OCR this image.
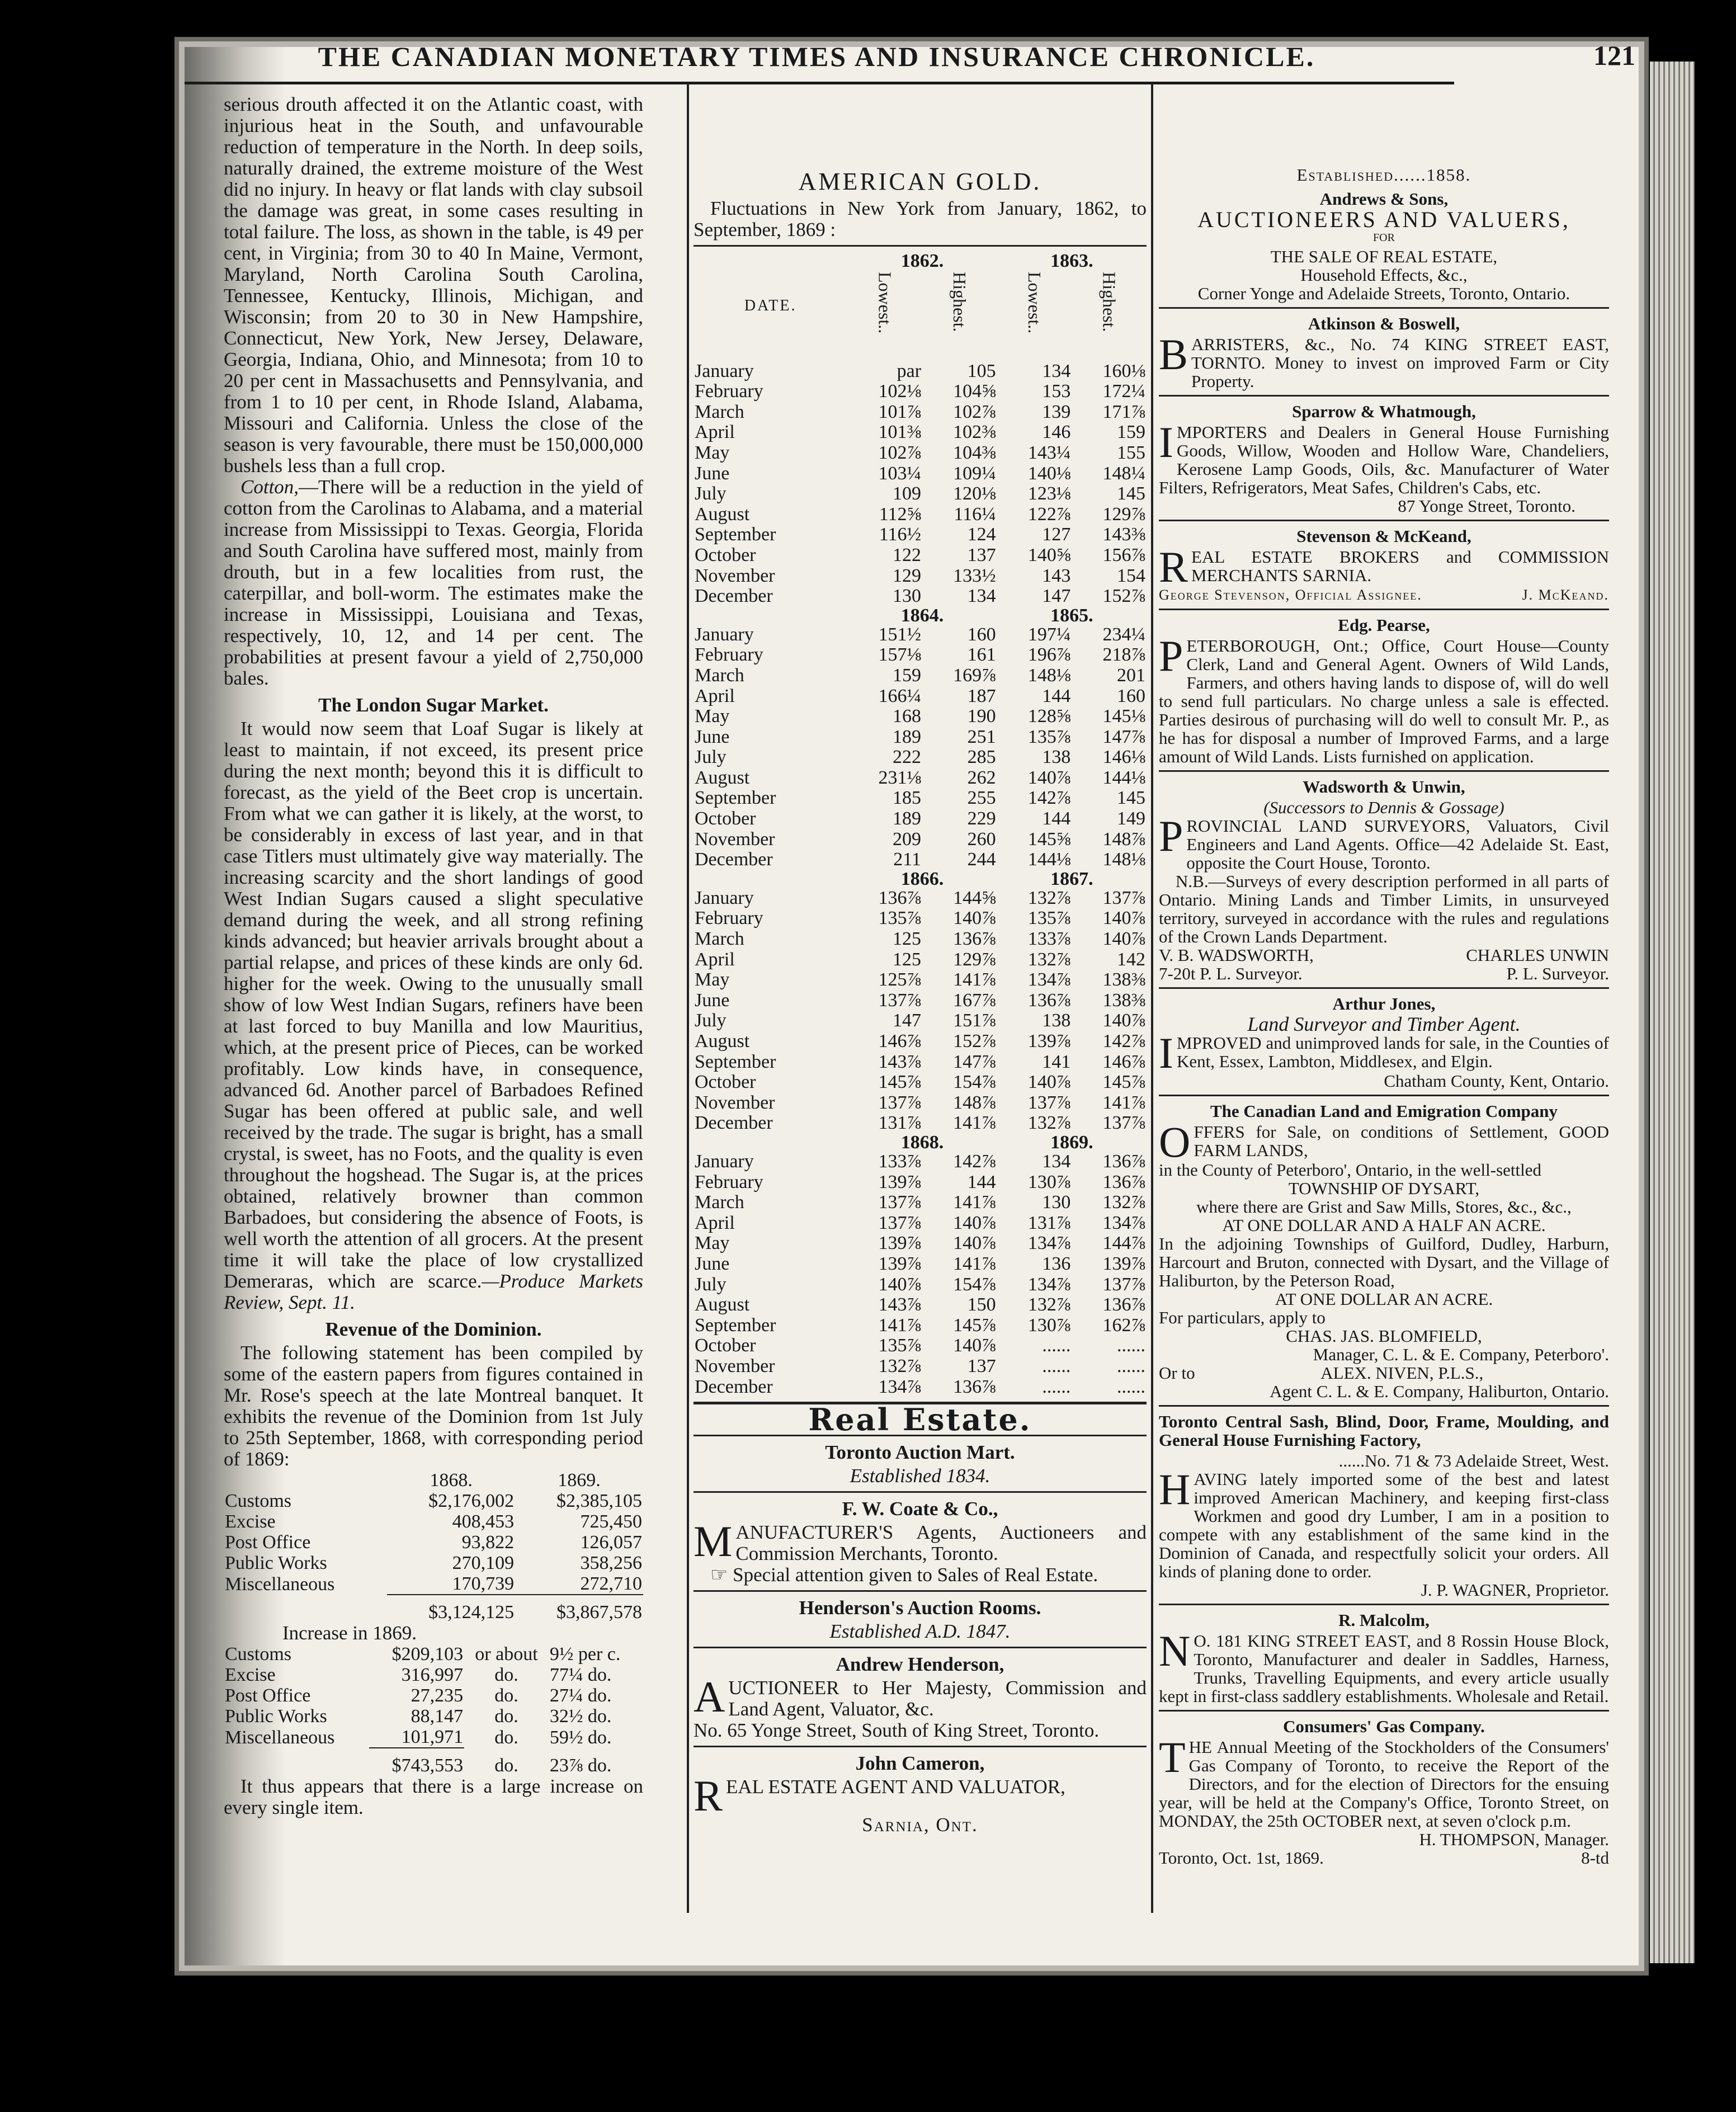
THE CANADIAN MONETARY TIMES AND INSURANCE CHRONICLE.	121

serious drouth affected it on the Atlantic coast, with injurious heat in the South, and unfavourable reduction of temperature in the North. In deep soils, naturally drained, the extreme moisture of the West did no injury. In heavy or flat lands with clay subsoil the damage was great, in some cases resulting in total failure. The loss, as shown in the table, is 49 per cent, in Virginia; from 30 to 40 In Maine, Vermont, Maryland, North Carolina South Carolina, Tennessee, Kentucky, Illinois, Michigan, and Wisconsin; from 20 to 30 in New Hampshire, Connecticut, New York, New Jersey, Delaware, Georgia, Indiana, Ohio, and Minnesota; from 10 to 20 per cent in Massachusetts and Pennsylvania, and from 1 to 10 per cent, in Rhode Island, Alabama, Missouri and California. Unless the close of the season is very favourable, there must be 150,000,000 bushels less than a full crop.

Cotton,—There will be a reduction in the yield of cotton from the Carolinas to Alabama, and a material increase from Mississippi to Texas. Georgia, Florida and South Carolina have suffered most, mainly from drouth, but in a few localities from rust, the caterpillar, and boll-worm. The estimates make the increase in Mississippi, Louisiana and Texas, respectively, 10, 12, and 14 per cent. The probabilities at present favour a yield of 2,750,000 bales.

The London Sugar Market.

It would now seem that Loaf Sugar is likely at least to maintain, if not exceed, its present price during the next month; beyond this it is difficult to forecast, as the yield of the Beet crop is uncertain. From what we can gather it is likely, at the worst, to be considerably in excess of last year, and in that case Titlers must ultimately give way materially. The increasing scarcity and the short landings of good West Indian Sugars caused a slight speculative demand during the week, and all strong refining kinds advanced; but heavier arrivals brought about a partial relapse, and prices of these kinds are only 6d. higher for the week. Owing to the unusually small show of low West Indian Sugars, refiners have been at last forced to buy Manilla and low Mauritius, which, at the present price of Pieces, can be worked profitably. Low kinds have, in consequence, advanced 6d. Another parcel of Barbadoes Refined Sugar has been offered at public sale, and well received by the trade. The sugar is bright, has a small crystal, is sweet, has no Foots, and the quality is even throughout the hogshead. The Sugar is, at the prices obtained, relatively browner than common Barbadoes, but considering the absence of Foots, is well worth the attention of all grocers. At the present time it will take the place of low crystallized Demeraras, which are scarce.—Produce Markets Review, Sept. 11.

Revenue of the Dominion.

The following statement has been compiled by some of the eastern papers from figures contained in Mr. Rose's speech at the late Montreal banquet. It exhibits the revenue of the Dominion from 1st July to 25th September, 1868, with corresponding period of 1869:

	1868.	1869.
Customs	$2,176,002	$2,385,105
Excise	408,453	725,450
Post Office	93,822	126,057
Public Works	270,109	358,256
Miscellaneous	170,739	272,710
	$3,124,125	$3,867,578
Increase in 1869.
Customs	$209,103	or about	9½ per c.
Excise	316,997	do.	77¼ do.
Post Office	27,235	do.	27¼ do.
Public Works	88,147	do.	32½ do.
Miscellaneous	101,971	do.	59½ do.
	$743,553	do.	23⅞ do.

It thus appears that there is a large increase on every single item.

AMERICAN GOLD.

Fluctuations in New York from January, 1862, to September, 1869 :

DATE.	1862.		1863.	

	Lowest..	Highest.	Lowest..	Highest.

January	par	105	134	160⅛
February	102⅛	104⅝	153	172¼
March	101⅞	102⅞	139	171⅞
April	101⅜	102⅜	146	159
May	102⅞	104⅜	143¼	155
June	103¼	109¼	140⅛	148¼
July	109	120⅛	123⅛	145
August	112⅝	116¼	122⅞	129⅞
September	116½	124	127	143⅜
October	122	137	140⅝	156⅞
November	129	133½	143	154
December	130	134	147	152⅞
	1864.		1865.	
January	151½	160	197¼	234¼
February	157⅛	161	196⅞	218⅞
March	159	169⅞	148⅛	201
April	166¼	187	144	160
May	168	190	128⅝	145⅛
June	189	251	135⅞	147⅞
July	222	285	138	146⅛
August	231⅛	262	140⅞	144⅛
September	185	255	142⅞	145
October	189	229	144	149
November	209	260	145⅝	148⅞
December	211	244	144⅛	148⅛
	1866.		1867.	
January	136⅞	144⅝	132⅞	137⅞
February	135⅞	140⅞	135⅞	140⅞
March	125	136⅞	133⅞	140⅞
April	125	129⅞	132⅞	142
May	125⅞	141⅞	134⅞	138⅜
June	137⅞	167⅞	136⅞	138⅜
July	147	151⅞	138	140⅞
August	146⅞	152⅞	139⅞	142⅞
September	143⅞	147⅞	141	146⅞
October	145⅞	154⅞	140⅞	145⅞
November	137⅞	148⅞	137⅞	141⅞
December	131⅞	141⅞	132⅞	137⅞
	1868.		1869.	
January	133⅞	142⅞	134	136⅞
February	139⅞	144	130⅞	136⅞
March	137⅞	141⅞	130	132⅞
April	137⅞	140⅞	131⅞	134⅞
May	139⅞	140⅞	134⅞	144⅞
June	139⅞	141⅞	136	139⅞
July	140⅞	154⅞	134⅞	137⅞
August	143⅞	150	132⅞	136⅞
September	141⅞	145⅞	130⅞	162⅞
October	135⅞	140⅞	......	......
November	132⅞	137	......	......
December	134⅞	136⅞	......	......
Real Estate.
Toronto Auction Mart.
Established 1834.
F. W. Coate & Co.,

MANUFACTURER'S Agents, Auctioneers and Commission Merchants, Toronto.

☞ Special attention given to Sales of Real Estate.

Henderson's Auction Rooms.
Established A.D. 1847.
Andrew Henderson,

AUCTIONEER to Her Majesty, Commission and Land Agent, Valuator, &c.

No. 65 Yonge Street, South of King Street, Toronto.

John Cameron,

REAL ESTATE AGENT AND VALUATOR,

Sarnia, Ont.

Established......1858.
Andrews & Sons,
AUCTIONEERS AND VALUERS,
FOR
THE SALE OF REAL ESTATE,
Household Effects, &c.,
Corner Yonge and Adelaide Streets, Toronto, Ontario.
Atkinson & Boswell,

BARRISTERS, &c., No. 74 KING STREET EAST, TORNTO. Money to invest on improved Farm or City Property.

Sparrow & Whatmough,

IMPORTERS and Dealers in General House Furnishing Goods, Willow, Wooden and Hollow Ware, Chandeliers, Kerosene Lamp Goods, Oils, &c. Manufacturer of Water Filters, Refrigerators, Meat Safes, Children's Cabs, etc.

87 Yonge Street, Toronto.

Stevenson & McKeand,

REAL ESTATE BROKERS and COMMISSION MERCHANTS SARNIA.

George Stevenson, Official Assignee.	J. McKeand.

Edg. Pearse,

PETERBOROUGH, Ont.; Office, Court House—County Clerk, Land and General Agent. Owners of Wild Lands, Farmers, and others having lands to dispose of, will do well to send full particulars. No charge unless a sale is effected. Parties desirous of purchasing will do well to consult Mr. P., as he has for disposal a number of Improved Farms, and a large amount of Wild Lands. Lists furnished on application.

Wadsworth & Unwin,
(Successors to Dennis & Gossage)

PROVINCIAL LAND SURVEYORS, Valuators, Civil Engineers and Land Agents. Office—42 Adelaide St. East, opposite the Court House, Toronto.

N.B.—Surveys of every description performed in all parts of Ontario. Mining Lands and Timber Limits, in unsurveyed territory, surveyed in accordance with the rules and regulations of the Crown Lands Department.

V. B. WADSWORTH,	CHARLES UNWIN

7-20t P. L. Surveyor.	P. L. Surveyor.

Arthur Jones,
Land Surveyor and Timber Agent.

IMPROVED and unimproved lands for sale, in the Counties of Kent, Essex, Lambton, Middlesex, and Elgin.

Chatham County, Kent, Ontario.

The Canadian Land and Emigration Company

OFFERS for Sale, on conditions of Settlement, GOOD FARM LANDS,

in the County of Peterboro', Ontario, in the well-settled

TOWNSHIP OF DYSART,

where there are Grist and Saw Mills, Stores, &c., &c.,

AT ONE DOLLAR AND A HALF AN ACRE.

In the adjoining Townships of Guilford, Dudley, Harburn, Harcourt and Bruton, connected with Dysart, and the Village of Haliburton, by the Peterson Road,

AT ONE DOLLAR AN ACRE.

For particulars, apply to

CHAS. JAS. BLOMFIELD,

Manager, C. L. & E. Company, Peterboro'.

Or to	ALEX. NIVEN, P.L.S.,

Agent C. L. & E. Company, Haliburton, Ontario.

Toronto Central Sash, Blind, Door, Frame, Moulding, and General House Furnishing Factory,

......No. 71 & 73 Adelaide Street, West.

HAVING lately imported some of the best and latest improved American Machinery, and keeping first-class Workmen and good dry Lumber, I am in a position to compete with any establishment of the same kind in the Dominion of Canada, and respectfully solicit your orders. All kinds of planing done to order.

J. P. WAGNER, Proprietor.

R. Malcolm,

N O. 181 KING STREET EAST, and 8 Rossin House Block, Toronto, Manufacturer and dealer in Saddles, Harness, Trunks, Travelling Equipments, and every article usually kept in first-class saddlery establishments. Wholesale and Retail.

Consumers' Gas Company.

THE Annual Meeting of the Stockholders of the Consumers' Gas Company of Toronto, to receive the Report of the Directors, and for the election of Directors for the ensuing year, will be held at the Company's Office, Toronto Street, on MONDAY, the 25th OCTOBER next, at seven o'clock p.m.

H. THOMPSON, Manager.

Toronto, Oct. 1st, 1869.	8-td
